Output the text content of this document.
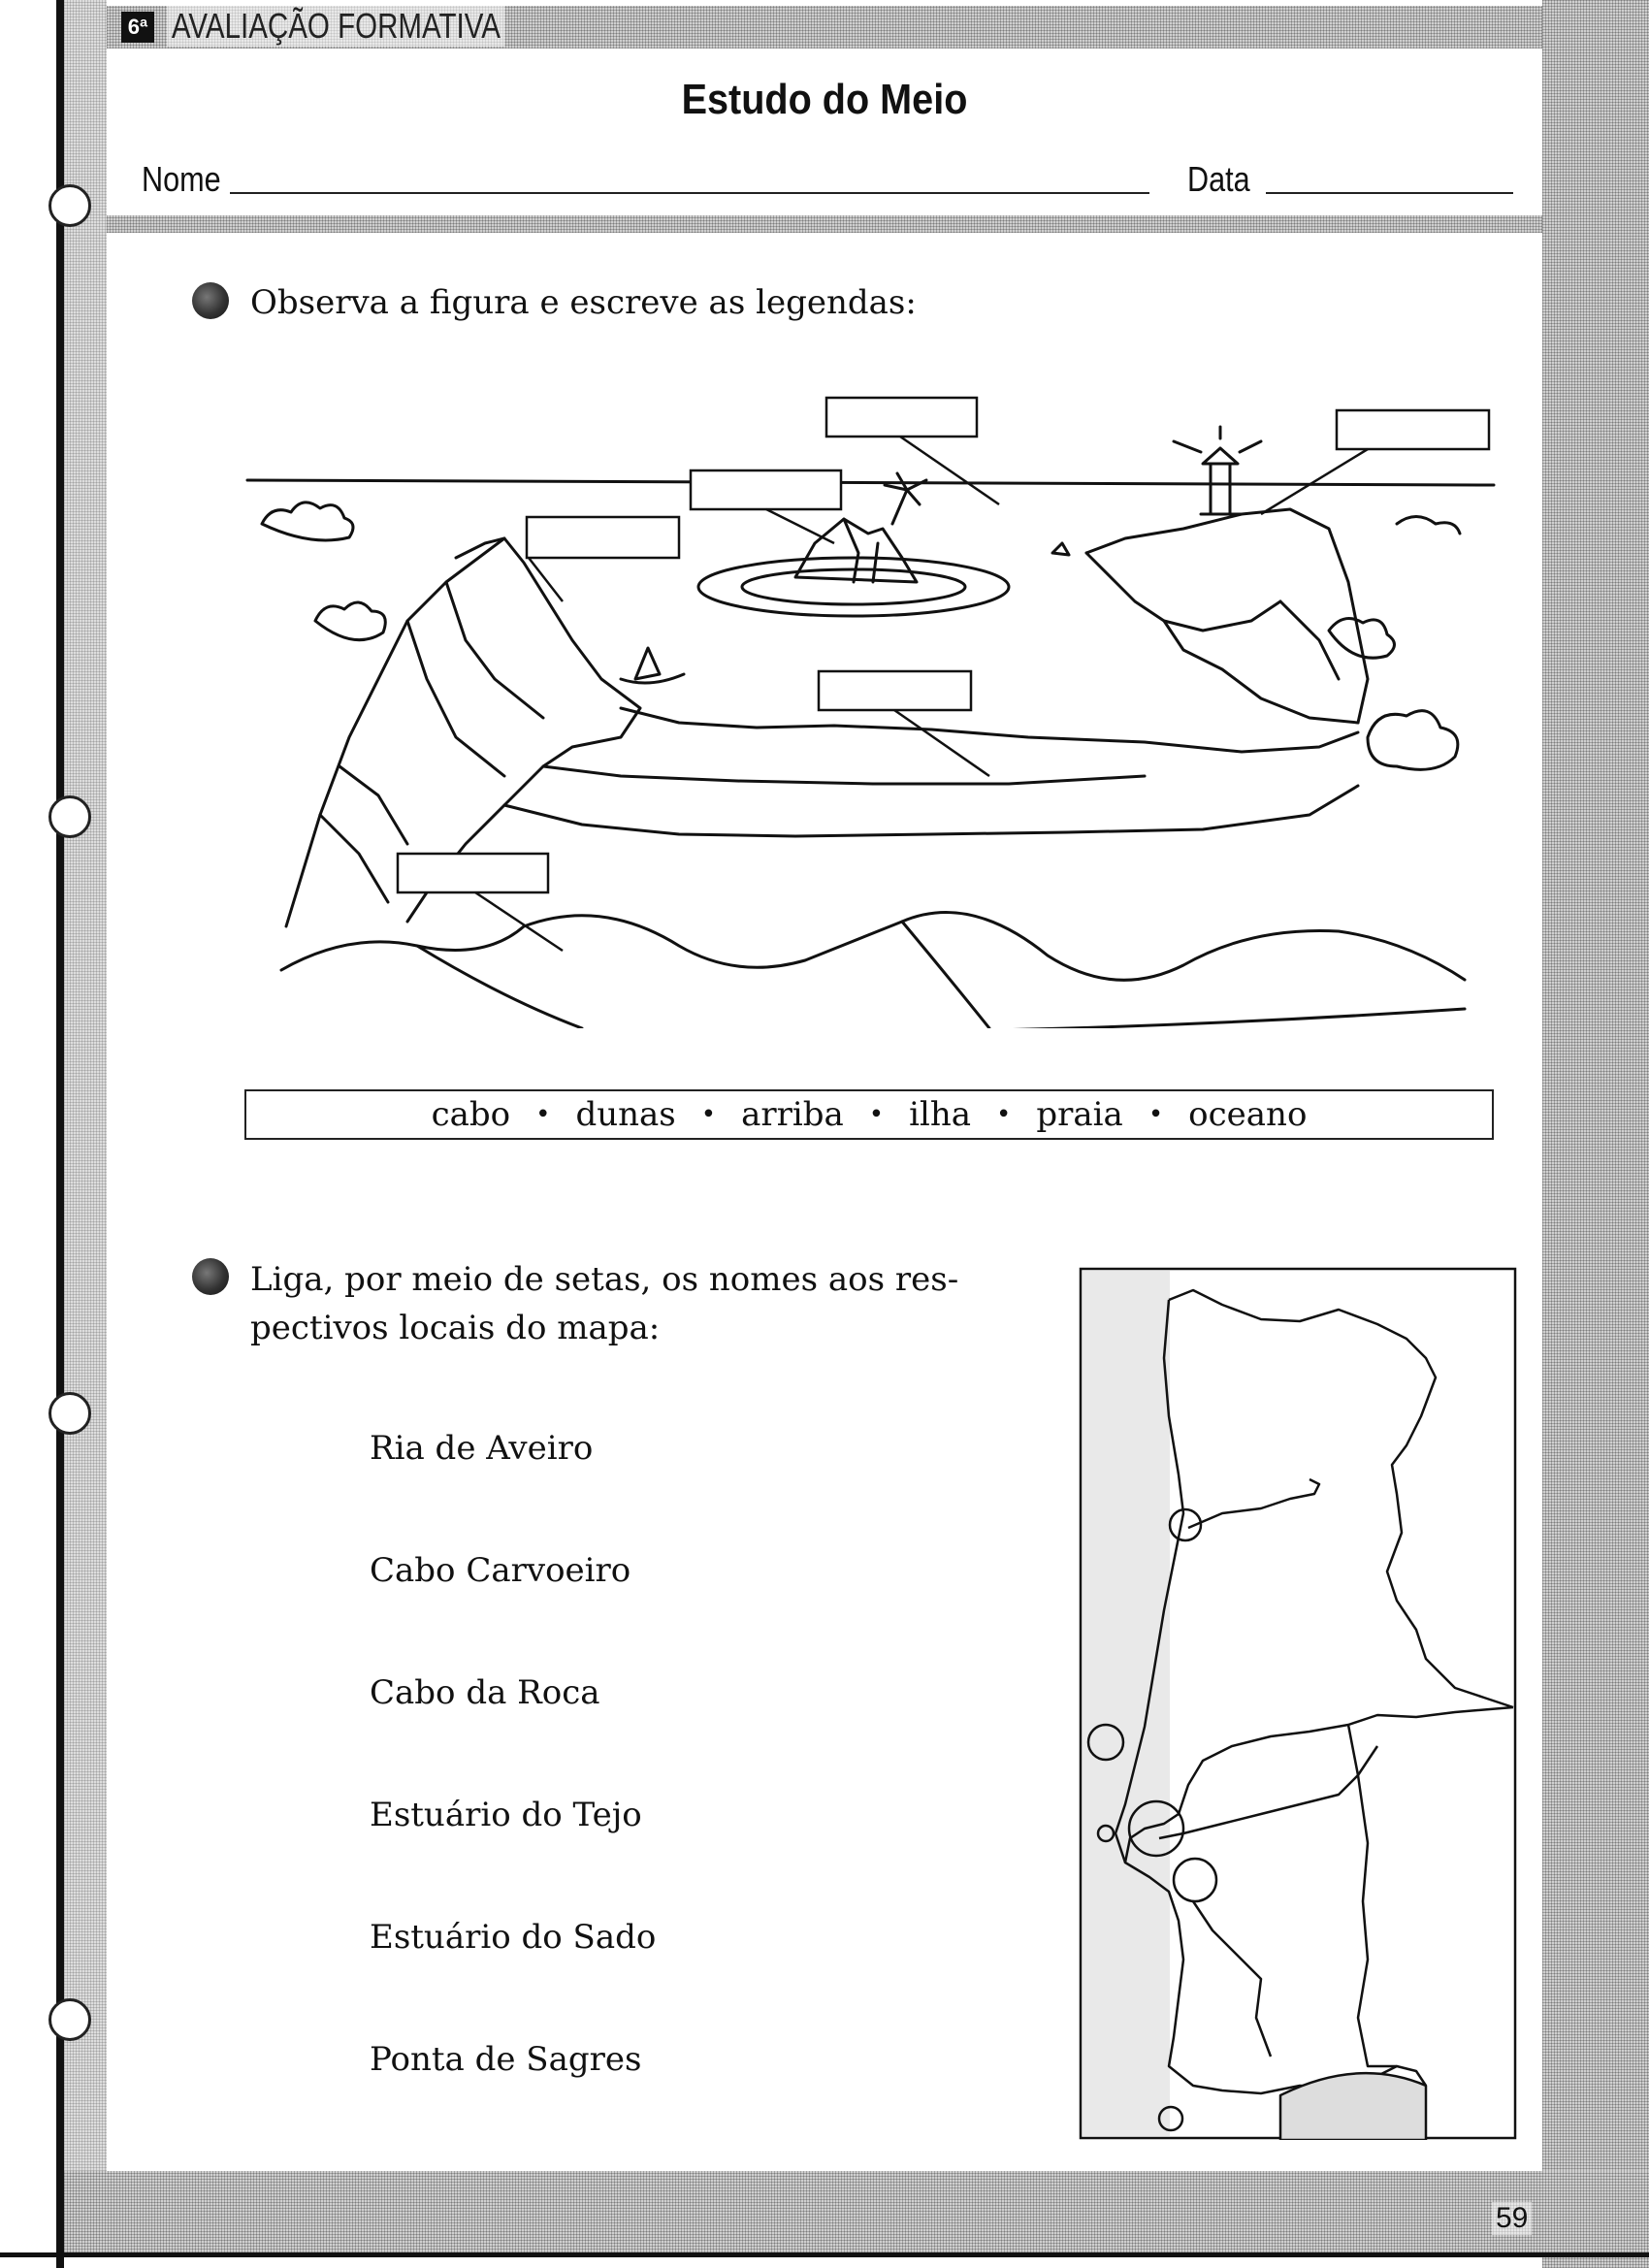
6ª AVALIAÇÃO FORMATIVA
Estudo do Meio
Nome	Data
Observa a figura e escreve as legendas:
cabo • dunas • arriba • ilha • praia • oceano
Liga, por meio de setas, os nomes aos res-
pectivos locais do mapa:
Ria de Aveiro
Cabo Carvoeiro
Cabo da Roca
Estuário do Tejo
Estuário do Sado
Ponta de Sagres
59
